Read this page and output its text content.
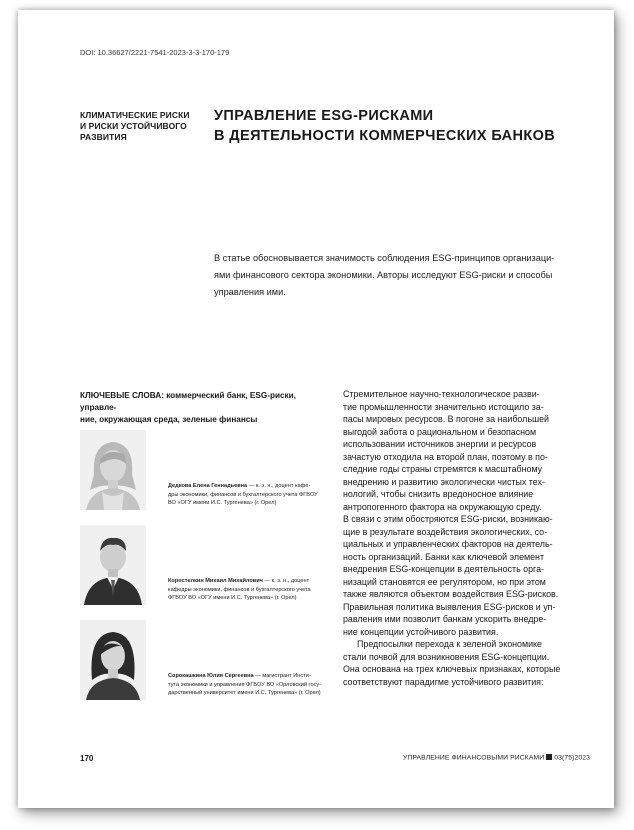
DOI: 10.36627/2221-7541-2023-3-3-170-179
КЛИМАТИЧЕСКИЕ РИСКИ
И РИСКИ УСТОЙЧИВОГО
РАЗВИТИЯ
УПРАВЛЕНИЕ ESG-РИСКАМИ
В ДЕЯТЕЛЬНОСТИ КОММЕРЧЕСКИХ БАНКОВ
В статье обосновывается значимость соблюдения ESG-принципов организаци-
ями финансового сектора экономики. Авторы исследуют ESG-риски и способы
управления ими.
КЛЮЧЕВЫЕ СЛОВА: коммерческий банк, ESG-риски, управле-
ние, окружающая среда, зеленые финансы
Дедкова Елена Геннадьевна — к. э. н., доцент кафе-
дры экономики, финансов и бухгалтерского учета ФГБОУ
ВО «ОГУ имени И.С. Тургенева» (г. Орел)
Коростелкин Михаил Михайлович — к. э. н., доцент
кафедры экономики, финансов и бухгалтерского учета
ФГБОУ ВО «ОГУ имени И.С. Тургенева» (г. Орел)
Сорокашкина Юлия Сергеевна — магистрант Инсти-
тута экономики и управления ФГБОУ ВО «Орловский госу-
дарственный университет имени И.С. Тургенева» (г. Орел)

Стремительное научно-технологическое разви-
тие промышленности значительно истощило за-
пасы мировых ресурсов. В погоне за наибольшей
выгодой забота о рациональном и безопасном
использовании источников энергии и ресурсов
зачастую отходила на второй план, поэтому в по-
следние годы страны стремятся к масштабному
внедрению и развитию экологически чистых тех-
нологий, чтобы снизить вредоносное влияние
антропогенного фактора на окружающую среду.
В связи с этим обостряются ESG-риски, возникаю-
щие в результате воздействия экологических, со-
циальных и управленческих факторов на деятель-
ность организаций. Банки как ключевой элемент
внедрения ESG-концепции в деятельность орга-
низаций становятся ее регулятором, но при этом
также являются объектом воздействия ESG-рисков.
Правильная политика выявления ESG-рисков и уп-
равления ими позволит банкам ускорить внедре-
ние концепции устойчивого развития.

Предпосылки перехода к зеленой экономике
стали почвой для возникновения ESG-концепции.
Она основана на трех ключевых признаках, которые
соответствуют парадигме устойчивого развития:

170	УПРАВЛЕНИЕ ФИНАНСОВЫМИ РИСКАМИ 03(75)2023
